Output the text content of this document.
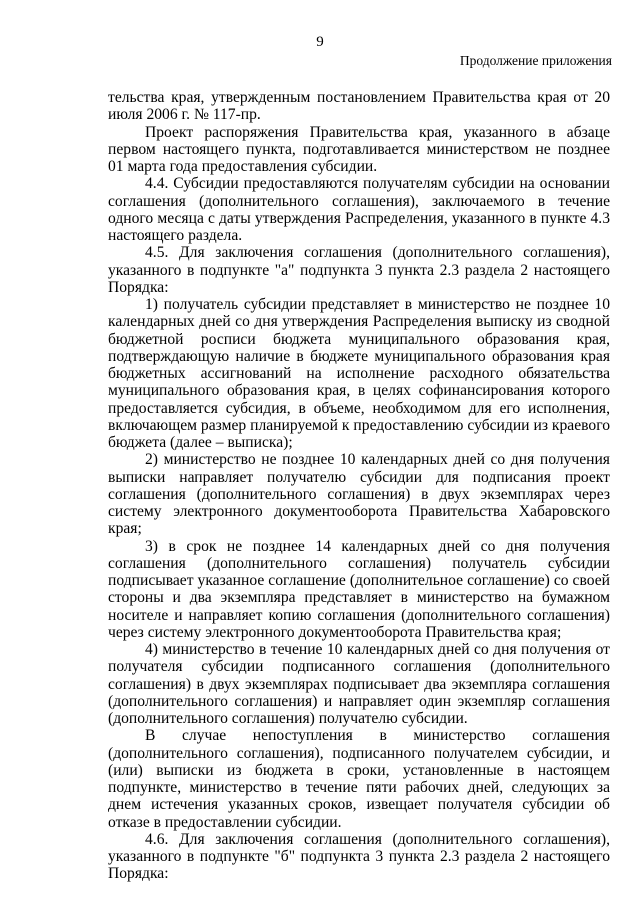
9
Продолжение приложения

тельства края, утвержденным постановлением Правительства края от 20 июля 2006 г. № 117-пр.

Проект распоряжения Правительства края, указанного в абзаце первом настоящего пункта, подготавливается министерством не позднее 01 марта года предоставления субсидии.

4.4. Субсидии предоставляются получателям субсидии на основании соглашения (дополнительного соглашения), заключаемого в течение одного месяца с даты утверждения Распределения, указанного в пункте 4.3 настоящего раздела.

4.5. Для заключения соглашения (дополнительного соглашения), указанного в подпункте "а" подпункта 3 пункта 2.3 раздела 2 настоящего Порядка:

1) получатель субсидии представляет в министерство не позднее 10 календарных дней со дня утверждения Распределения выписку из сводной бюджетной росписи бюджета муниципального образования края, подтверждающую наличие в бюджете муниципального образования края бюджетных ассигнований на исполнение расходного обязательства муниципального образования края, в целях софинансирования которого предоставляется субсидия, в объеме, необходимом для его исполнения, включающем размер планируемой к предоставлению субсидии из краевого бюджета (далее – выписка);

2) министерство не позднее 10 календарных дней со дня получения выписки направляет получателю субсидии для подписания проект соглашения (дополнительного соглашения) в двух экземплярах через систему электронного документооборота Правительства Хабаровского края;

3) в срок не позднее 14 календарных дней со дня получения соглашения (дополнительного соглашения) получатель субсидии подписывает указанное соглашение (дополнительное соглашение) со своей стороны и два экземпляра представляет в министерство на бумажном носителе и направляет копию соглашения (дополнительного соглашения) через систему электронного документооборота Правительства края;

4) министерство в течение 10 календарных дней со дня получения от получателя субсидии подписанного соглашения (дополнительного соглашения) в двух экземплярах подписывает два экземпляра соглашения (дополнительного соглашения) и направляет один экземпляр соглашения (дополнительного соглашения) получателю субсидии.

В случае непоступления в министерство соглашения (дополнительного соглашения), подписанного получателем субсидии, и (или) выписки из бюджета в сроки, установленные в настоящем подпункте, министерство в течение пяти рабочих дней, следующих за днем истечения указанных сроков, извещает получателя субсидии об отказе в предоставлении субсидии.

4.6. Для заключения соглашения (дополнительного соглашения), указанного в подпункте "б" подпункта 3 пункта 2.3 раздела 2 настоящего Порядка:
